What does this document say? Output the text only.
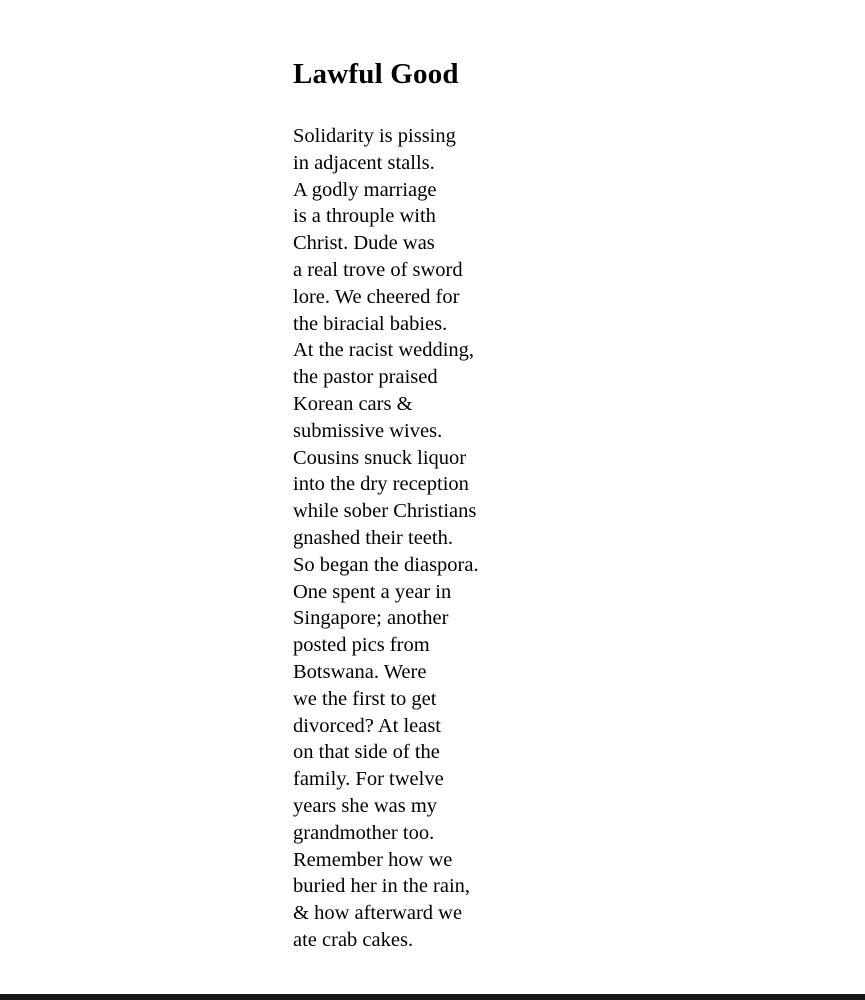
Lawful Good
Solidarity is pissing
in adjacent stalls.
A godly marriage
is a throuple with
Christ. Dude was
a real trove of sword
lore. We cheered for
the biracial babies.
At the racist wedding,
the pastor praised
Korean cars &
submissive wives.
Cousins snuck liquor
into the dry reception
while sober Christians
gnashed their teeth.
So began the diaspora.
One spent a year in
Singapore; another
posted pics from
Botswana. Were
we the first to get
divorced? At least
on that side of the
family. For twelve
years she was my
grandmother too.
Remember how we
buried her in the rain,
& how afterward we
ate crab cakes.
